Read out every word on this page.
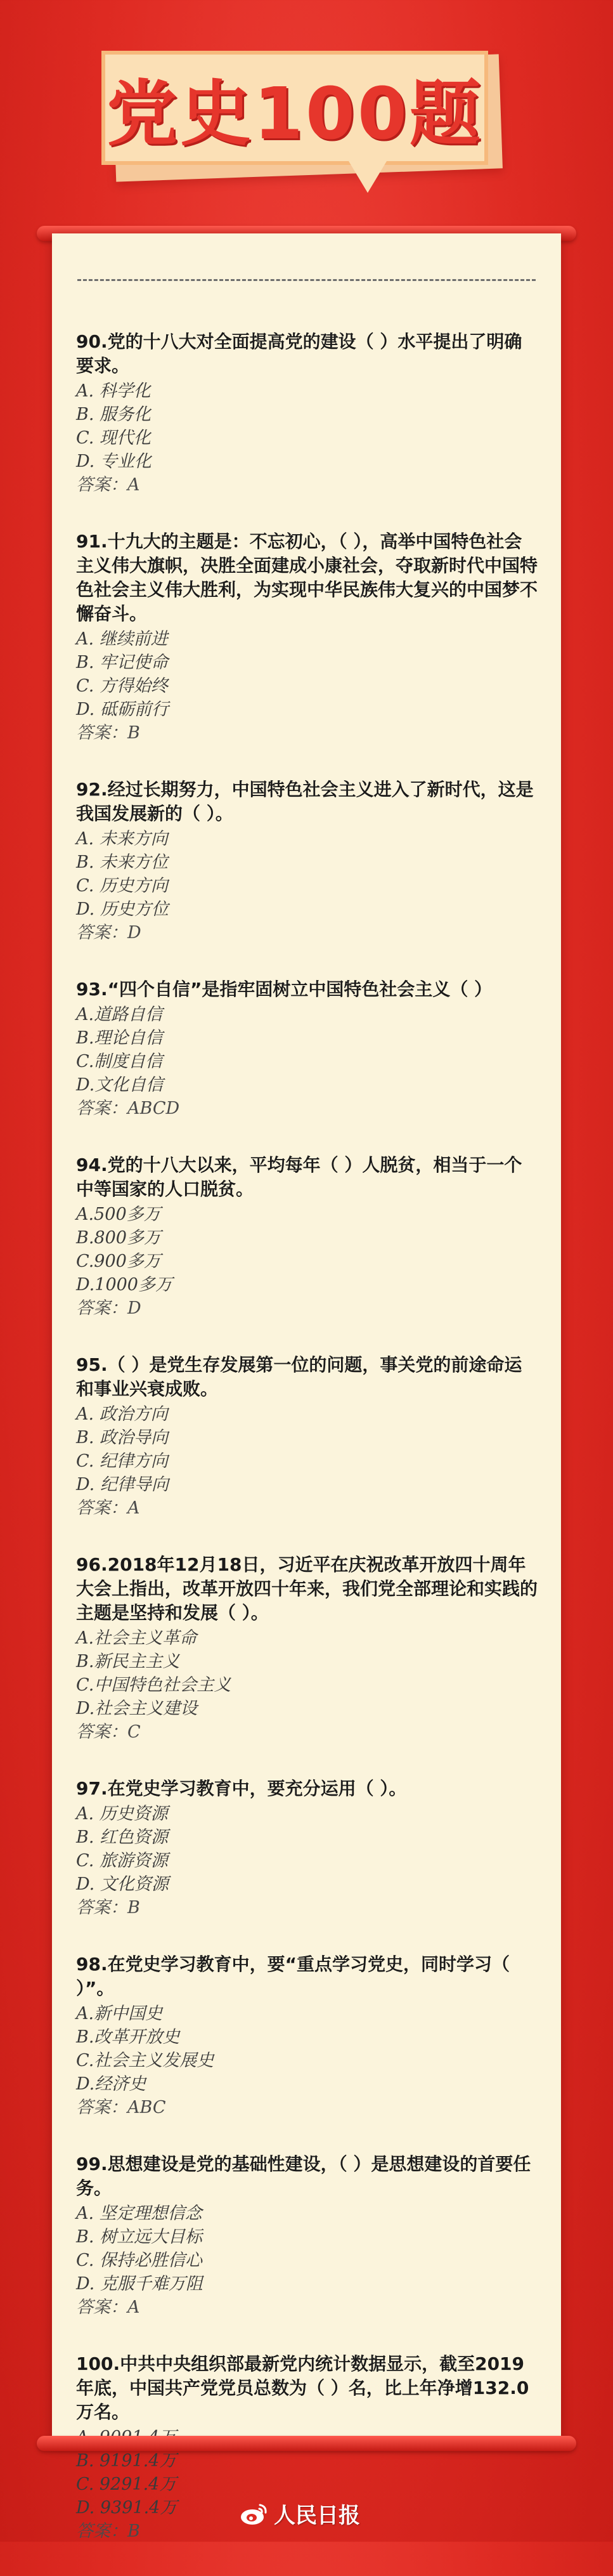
党史100题

90.党的十八大对全面提高党的建设（ ）水平提出了明确要求。

A. 科学化

B. 服务化

C. 现代化

D. 专业化

答案：A

91.十九大的主题是：不忘初心，（ ），高举中国特色社会主义伟大旗帜，决胜全面建成小康社会，夺取新时代中国特色社会主义伟大胜利，为实现中华民族伟大复兴的中国梦不懈奋斗。

A. 继续前进

B. 牢记使命

C. 方得始终

D. 砥砺前行

答案：B

92.经过长期努力，中国特色社会主义进入了新时代，这是我国发展新的（ ）。

A. 未来方向

B. 未来方位

C. 历史方向

D. 历史方位

答案：D

93.“四个自信”是指牢固树立中国特色社会主义（ ）

A.道路自信

B.理论自信

C.制度自信

D.文化自信

答案：ABCD

94.党的十八大以来，平均每年（ ）人脱贫，相当于一个中等国家的人口脱贫。

A.500多万

B.800多万

C.900多万

D.1000多万

答案：D

95.（ ）是党生存发展第一位的问题，事关党的前途命运和事业兴衰成败。

A. 政治方向

B. 政治导向

C. 纪律方向

D. 纪律导向

答案：A

96.2018年12月18日，习近平在庆祝改革开放四十周年大会上指出，改革开放四十年来，我们党全部理论和实践的主题是坚持和发展（ ）。

A.社会主义革命

B.新民主主义

C.中国特色社会主义

D.社会主义建设

答案：C

97.在党史学习教育中，要充分运用（ ）。

A. 历史资源

B. 红色资源

C. 旅游资源

D. 文化资源

答案：B

98.在党史学习教育中，要“重点学习党史，同时学习（ ）”。

A.新中国史

B.改革开放史

C.社会主义发展史

D.经济史

答案：ABC

99.思想建设是党的基础性建设，（ ）是思想建设的首要任务。

A. 坚定理想信念

B. 树立远大目标

C. 保持必胜信心

D. 克服千难万阻

答案：A

100.中共中央组织部最新党内统计数据显示，截至2019年底，中国共产党党员总数为（ ）名，比上年净增132.0万名。

B. 9191.4万

C. 9291.4万

D. 9391.4万

答案：B

人民日报
